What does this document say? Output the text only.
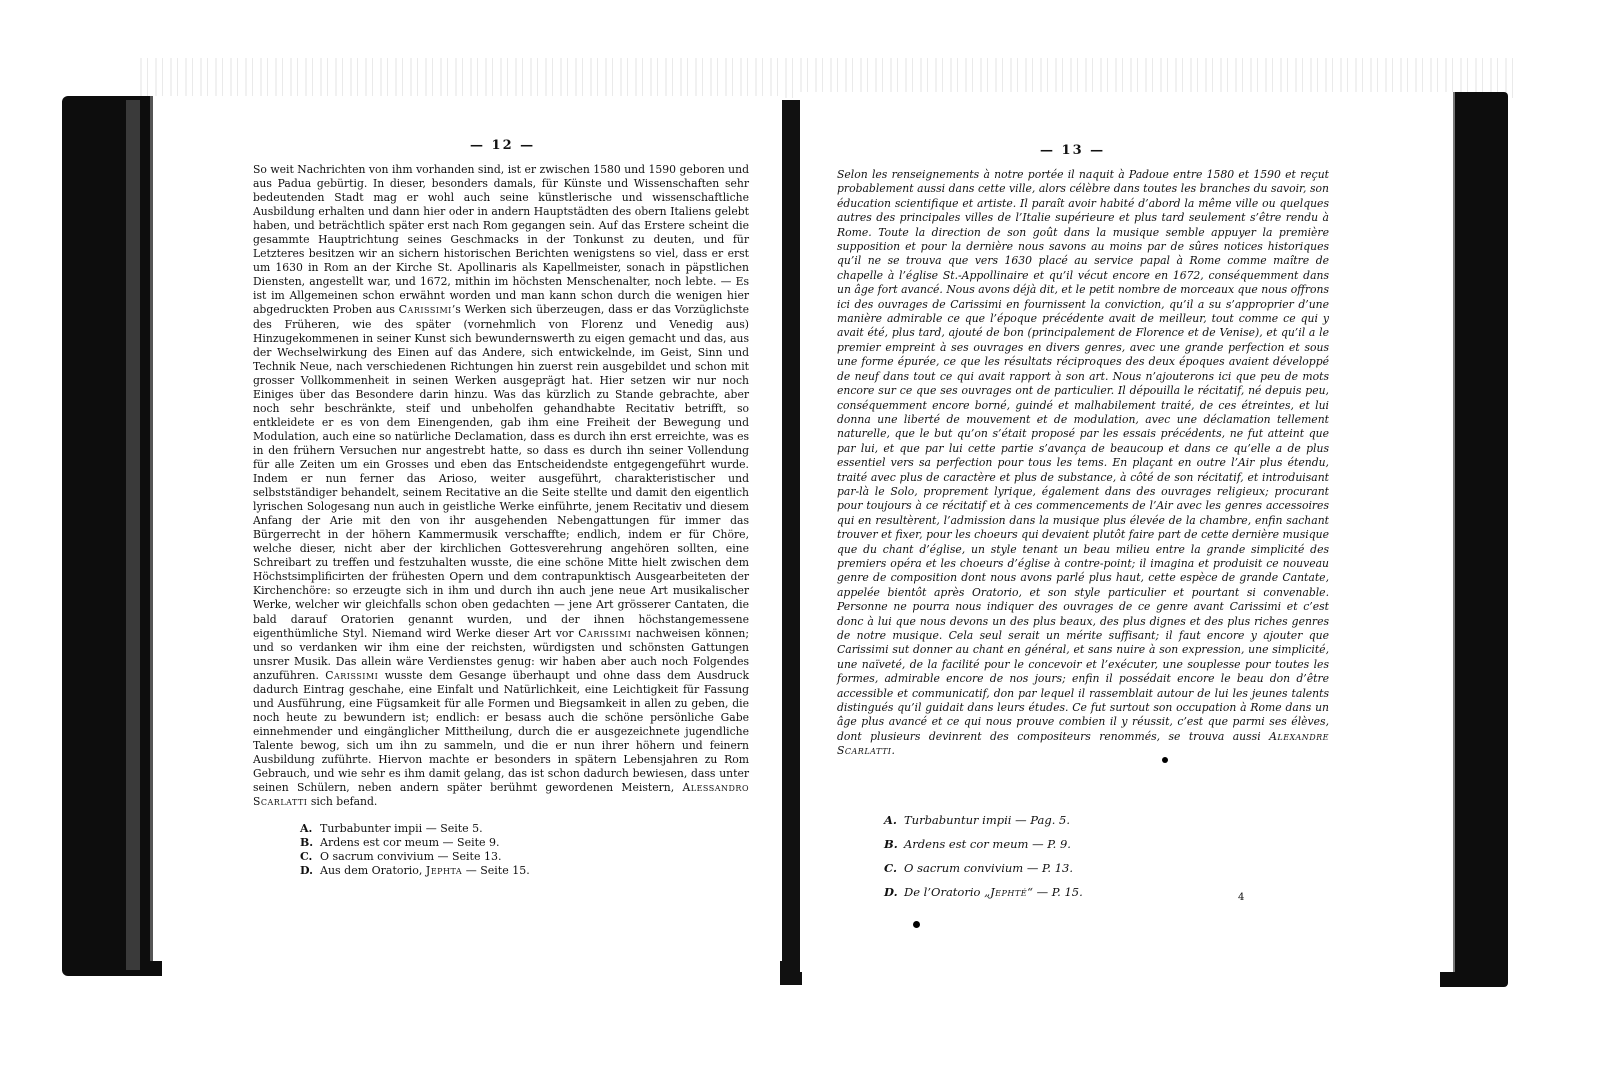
— 12 —

So weit Nachrichten von ihm vorhanden sind, ist er zwischen 1580 und 1590 geboren und aus Padua gebürtig. In dieser, besonders damals, für Künste und Wissenschaften sehr bedeutenden Stadt mag er wohl auch seine künstlerische und wissenschaftliche Ausbildung erhalten und dann hier oder in andern Hauptstädten des obern Italiens gelebt haben, und beträchtlich später erst nach Rom gegangen sein. Auf das Erstere scheint die gesammte Hauptrichtung seines Geschmacks in der Tonkunst zu deuten, und für Letzteres besitzen wir an sichern historischen Berichten wenigstens so viel, dass er erst um 1630 in Rom an der Kirche St. Apollinaris als Kapellmeister, sonach in päpstlichen Diensten, angestellt war, und 1672, mithin im höchsten Menschenalter, noch lebte. — Es ist im Allgemeinen schon erwähnt worden und man kann schon durch die wenigen hier abgedruckten Proben aus Carissimi’s Werken sich überzeugen, dass er das Vorzüglichste des Früheren, wie des später (vornehmlich von Florenz und Venedig aus) Hinzugekommenen in seiner Kunst sich bewundernswerth zu eigen gemacht und das, aus der Wechselwirkung des Einen auf das Andere, sich entwickelnde, im Geist, Sinn und Technik Neue, nach verschiedenen Richtungen hin zuerst rein ausgebildet und schon mit grosser Vollkommenheit in seinen Werken ausgeprägt hat. Hier setzen wir nur noch Einiges über das Besondere darin hinzu. Was das kürzlich zu Stande gebrachte, aber noch sehr beschränkte, steif und unbeholfen gehandhabte Recitativ betrifft, so entkleidete er es von dem Einengenden, gab ihm eine Freiheit der Bewegung und Modulation, auch eine so natürliche Declamation, dass es durch ihn erst erreichte, was es in den frühern Versuchen nur angestrebt hatte, so dass es durch ihn seiner Vollendung für alle Zeiten um ein Grosses und eben das Entscheidendste entgegengeführt wurde. Indem er nun ferner das Arioso, weiter ausgeführt, charakteristischer und selbstständiger behandelt, seinem Recitative an die Seite stellte und damit den eigentlich lyrischen Sologesang nun auch in geistliche Werke einführte, jenem Recitativ und diesem Anfang der Arie mit den von ihr ausgehenden Nebengattungen für immer das Bürgerrecht in der höhern Kammermusik verschaffte; endlich, indem er für Chöre, welche dieser, nicht aber der kirchlichen Gottesverehrung angehören sollten, eine Schreibart zu treffen und festzuhalten wusste, die eine schöne Mitte hielt zwischen dem Höchstsimplificirten der frühesten Opern und dem contrapunktisch Ausgearbeiteten der Kirchenchöre: so erzeugte sich in ihm und durch ihn auch jene neue Art musikalischer Werke, welcher wir gleichfalls schon oben gedachten — jene Art grösserer Cantaten, die bald darauf Oratorien genannt wurden, und der ihnen höchstangemessene eigenthümliche Styl. Niemand wird Werke dieser Art vor Carissimi nachweisen können; und so verdanken wir ihm eine der reichsten, würdigsten und schönsten Gattungen unsrer Musik. Das allein wäre Verdienstes genug: wir haben aber auch noch Folgendes anzuführen. Carissimi wusste dem Gesange überhaupt und ohne dass dem Ausdruck dadurch Eintrag geschahe, eine Einfalt und Natürlichkeit, eine Leichtigkeit für Fassung und Ausführung, eine Fügsamkeit für alle Formen und Biegsamkeit in allen zu geben, die noch heute zu bewundern ist; endlich: er besass auch die schöne persönliche Gabe einnehmender und eingänglicher Mittheilung, durch die er ausgezeichnete jugendliche Talente bewog, sich um ihn zu sammeln, und die er nun ihrer höhern und feinern Ausbildung zuführte. Hiervon machte er besonders in spätern Lebensjahren zu Rom Gebrauch, und wie sehr es ihm damit gelang, das ist schon dadurch bewiesen, dass unter seinen Schülern, neben andern später berühmt gewordenen Meistern, Alessandro Scarlatti sich befand.

A. Turbabunter impii — Seite 5.
B. Ardens est cor meum — Seite 9.
C. O sacrum convivium — Seite 13.
D. Aus dem Oratorio, Jephta — Seite 15.
— 13 —

Selon les renseignements à notre portée il naquit à Padoue entre 1580 et 1590 et reçut probablement aussi dans cette ville, alors célèbre dans toutes les branches du savoir, son éducation scientifique et artiste. Il paraît avoir habité d’abord la même ville ou quelques autres des principales villes de l’Italie supérieure et plus tard seulement s’être rendu à Rome. Toute la direction de son goût dans la musique semble appuyer la première supposition et pour la dernière nous savons au moins par de sûres notices historiques qu’il ne se trouva que vers 1630 placé au service papal à Rome comme maître de chapelle à l’église St.-Appollinaire et qu’il vécut encore en 1672, conséquemment dans un âge fort avancé. Nous avons déjà dit, et le petit nombre de morceaux que nous offrons ici des ouvrages de Carissimi en fournissent la conviction, qu’il a su s’approprier d’une manière admirable ce que l’époque précédente avait de meilleur, tout comme ce qui y avait été, plus tard, ajouté de bon (principalement de Florence et de Venise), et qu’il a le premier empreint à ses ouvrages en divers genres, avec une grande perfection et sous une forme épurée, ce que les résultats réciproques des deux époques avaient développé de neuf dans tout ce qui avait rapport à son art. Nous n’ajouterons ici que peu de mots encore sur ce que ses ouvrages ont de particulier. Il dépouilla le récitatif, né depuis peu, conséquemment encore borné, guindé et malhabilement traité, de ces étreintes, et lui donna une liberté de mouvement et de modulation, avec une déclamation tellement naturelle, que le but qu’on s’était proposé par les essais précédents, ne fut atteint que par lui, et que par lui cette partie s’avança de beaucoup et dans ce qu’elle a de plus essentiel vers sa perfection pour tous les tems. En plaçant en outre l’Air plus étendu, traité avec plus de caractère et plus de substance, à côté de son récitatif, et introduisant par-là le Solo, proprement lyrique, également dans des ouvrages religieux; procurant pour toujours à ce récitatif et à ces commencements de l’Air avec les genres accessoires qui en resultèrent, l’admission dans la musique plus élevée de la chambre, enfin sachant trouver et fixer, pour les choeurs qui devaient plutôt faire part de cette dernière musique que du chant d’église, un style tenant un beau milieu entre la grande simplicité des premiers opéra et les choeurs d’église à contre-point; il imagina et produisit ce nouveau genre de composition dont nous avons parlé plus haut, cette espèce de grande Cantate, appelée bientôt après Oratorio, et son style particulier et pourtant si convenable. Personne ne pourra nous indiquer des ouvrages de ce genre avant Carissimi et c’est donc à lui que nous devons un des plus beaux, des plus dignes et des plus riches genres de notre musique. Cela seul serait un mérite suffisant; il faut encore y ajouter que Carissimi sut donner au chant en général, et sans nuire à son expression, une simplicité, une naïveté, de la facilité pour le concevoir et l’exécuter, une souplesse pour toutes les formes, admirable encore de nos jours; enfin il possédait encore le beau don d’être accessible et communicatif, don par lequel il rassemblait autour de lui les jeunes talents distingués qu’il guidait dans leurs études. Ce fut surtout son occupation à Rome dans un âge plus avancé et ce qui nous prouve combien il y réussit, c’est que parmi ses élèves, dont plusieurs devinrent des compositeurs renommés, se trouva aussi Alexandre Scarlatti.

A. Turbabuntur impii — Pag. 5.
B. Ardens est cor meum — P. 9.
C. O sacrum convivium — P. 13.
D. De l’Oratorio „Jephté“ — P. 15.	4
